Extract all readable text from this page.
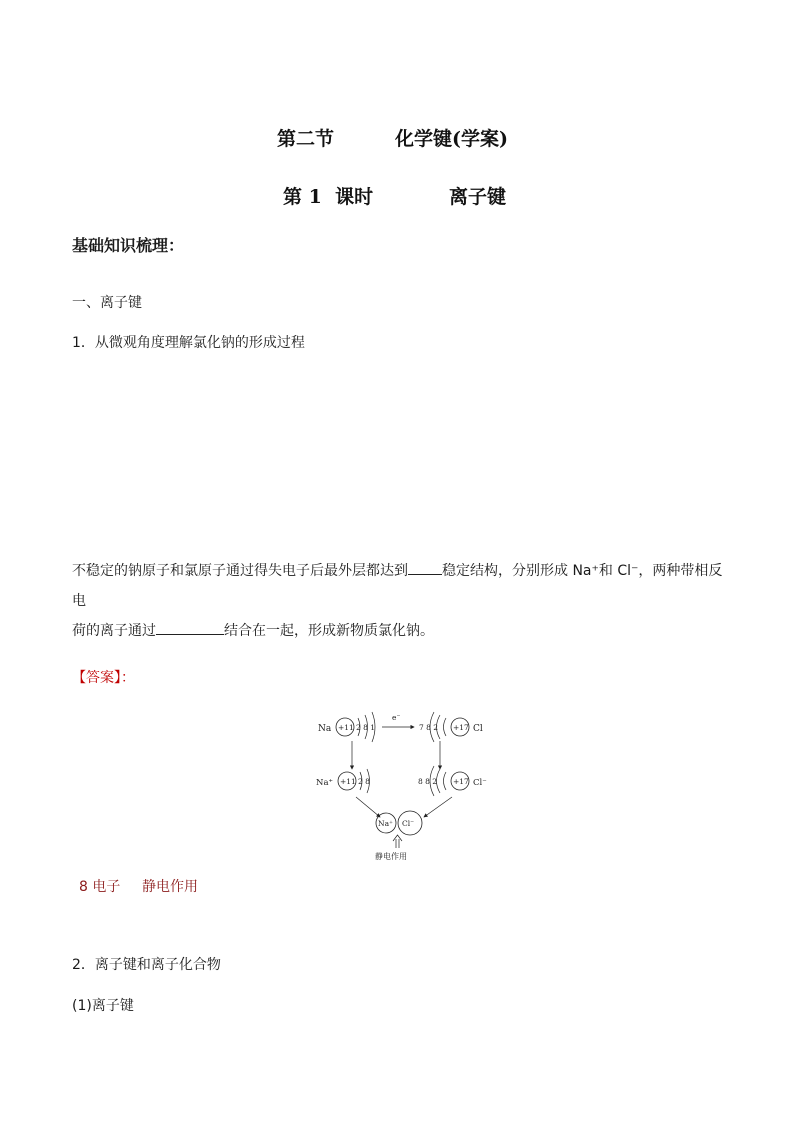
第二节	化学键(学案)
第 1  课时	离子键
基础知识梳理：
一、离子键
1．从微观角度理解氯化钠的形成过程
不稳定的钠原子和氯原子通过得失电子后最外层都达到 稳定结构，分别形成 Na⁺和 Cl⁻，两种带相反电
荷的离子通过	结合在一起，形成新物质氯化钠。
【答案】：
Na +11 2 8 1
e⁻
7 8 2 +17 Cl
Na⁺ +11 2 8	8 8 2 +17 Cl⁻
Na⁺ Cl⁻
静电作用
8 电子 静电作用
2．离子键和离子化合物
(1)离子键
